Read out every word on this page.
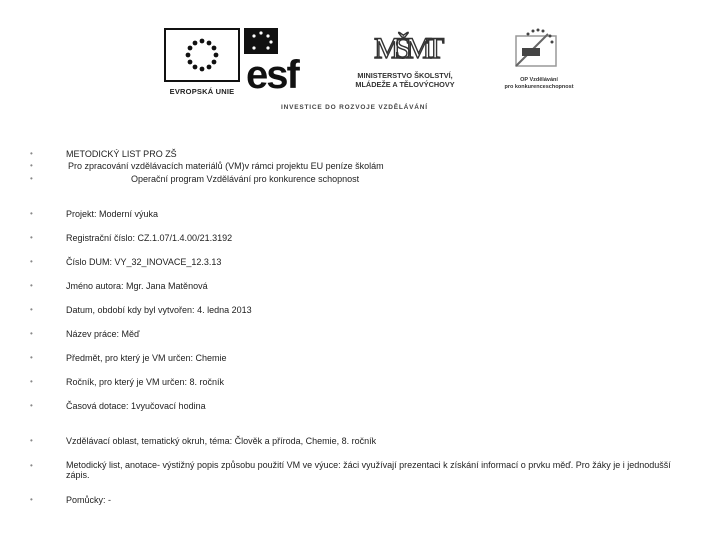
EVROPSKÁ UNIE esf
MŠMT
MINISTERSTVO ŠKOLSTVÍ,
MLÁDEŽE A TĚLOVÝCHOVY	OP Vzdělávání
pro konkurenceschopnost
INVESTICE DO ROZVOJE VZDĚLÁVÁNÍ
•	METODICKÝ LIST PRO ZŠ
•	Pro zpracování vzdělávacích materiálů (VM)v rámci projektu EU peníze školám
•	Operační program Vzdělávání pro konkurence schopnost
•	Projekt: Moderní výuka
•	Registrační číslo: CZ.1.07/1.4.00/21.3192
•	Číslo DUM: VY_32_INOVACE_12.3.13
•	Jméno autora: Mgr. Jana Matěnová
•	Datum, období kdy byl vytvořen: 4. ledna 2013
•	Název práce: Měď
•	Předmět, pro který je VM určen: Chemie
•	Ročník, pro který je VM určen: 8. ročník
•	Časová dotace: 1vyučovací hodina
•	Vzdělávací oblast, tematický okruh, téma: Člověk a příroda, Chemie, 8. ročník
•	Metodický list, anotace- výstižný popis způsobu použití VM ve výuce: žáci využívají prezentaci k získání informací o prvku měď. Pro žáky je i jednodušší zápis.
•	Pomůcky: -
